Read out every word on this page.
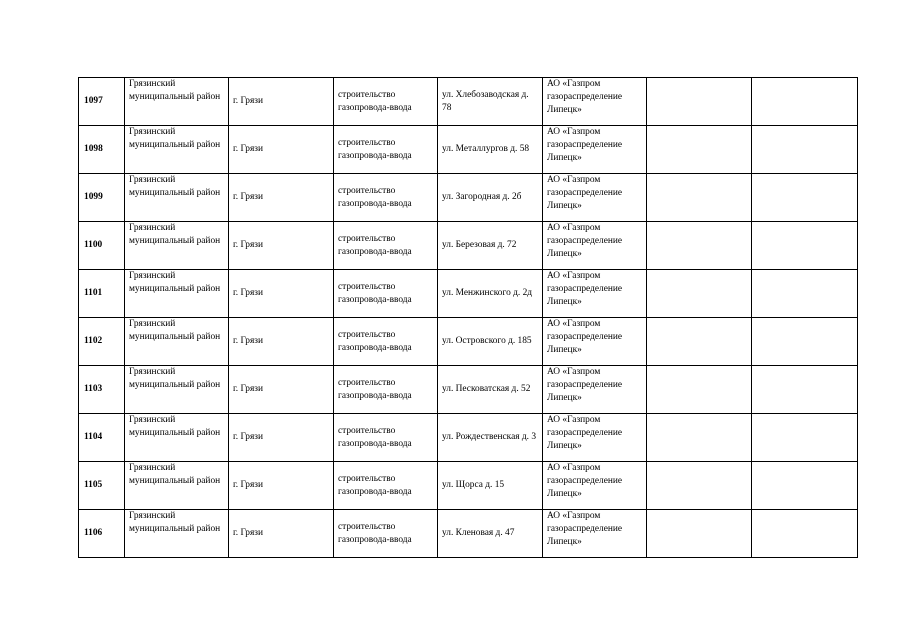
1097	Грязинский муниципальный район	г. Грязи	строительство газопровода-ввода	ул. Хлебозаводская д. 78	АО «Газпром газораспределение Липецк»		
1098	Грязинский муниципальный район	г. Грязи	строительство газопровода-ввода	ул. Металлургов д. 58	АО «Газпром газораспределение Липецк»		
1099	Грязинский муниципальный район	г. Грязи	строительство газопровода-ввода	ул. Загородная д. 2б	АО «Газпром газораспределение Липецк»		
1100	Грязинский муниципальный район	г. Грязи	строительство газопровода-ввода	ул. Березовая д. 72	АО «Газпром газораспределение Липецк»		
1101	Грязинский муниципальный район	г. Грязи	строительство газопровода-ввода	ул. Менжинского д. 2д	АО «Газпром газораспределение Липецк»		
1102	Грязинский муниципальный район	г. Грязи	строительство газопровода-ввода	ул. Островского д. 185	АО «Газпром газораспределение Липецк»		
1103	Грязинский муниципальный район	г. Грязи	строительство газопровода-ввода	ул. Песковатская д. 52	АО «Газпром газораспределение Липецк»		
1104	Грязинский муниципальный район	г. Грязи	строительство газопровода-ввода	ул. Рождественская д. 3	АО «Газпром газораспределение Липецк»		
1105	Грязинский муниципальный район	г. Грязи	строительство газопровода-ввода	ул. Щорса д. 15	АО «Газпром газораспределение Липецк»		
1106	Грязинский муниципальный район	г. Грязи	строительство газопровода-ввода	ул. Кленовая д. 47	АО «Газпром газораспределение Липецк»		
